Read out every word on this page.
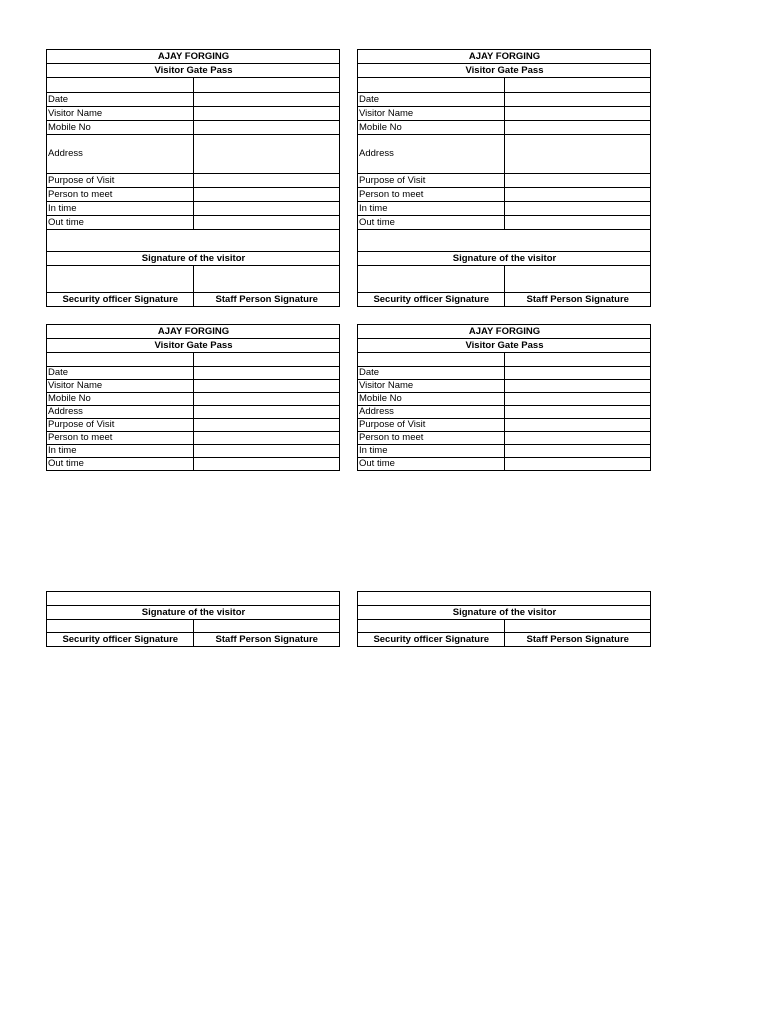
AJAY FORGING	
Visitor Gate Pass	

Date	
Visitor Name	
Mobile No	
Address	
Purpose of Visit	
Person to meet	
In time	
Out time	

Signature of the visitor	

Security officer Signature	Staff Person Signature
AJAY FORGING	
Visitor Gate Pass	

Date	
Visitor Name	
Mobile No	
Address	
Purpose of Visit	
Person to meet	
In time	
Out time	

Signature of the visitor	

Security officer Signature	Staff Person Signature
AJAY FORGING	
Visitor Gate Pass	

Date	
Visitor Name	
Mobile No	
Address	
Purpose of Visit	
Person to meet	
In time	
Out time	
AJAY FORGING	
Visitor Gate Pass	

Date	
Visitor Name	
Mobile No	
Address	
Purpose of Visit	
Person to meet	
In time	
Out time	

Signature of the visitor	

Security officer Signature	Staff Person Signature

Signature of the visitor	

Security officer Signature	Staff Person Signature
